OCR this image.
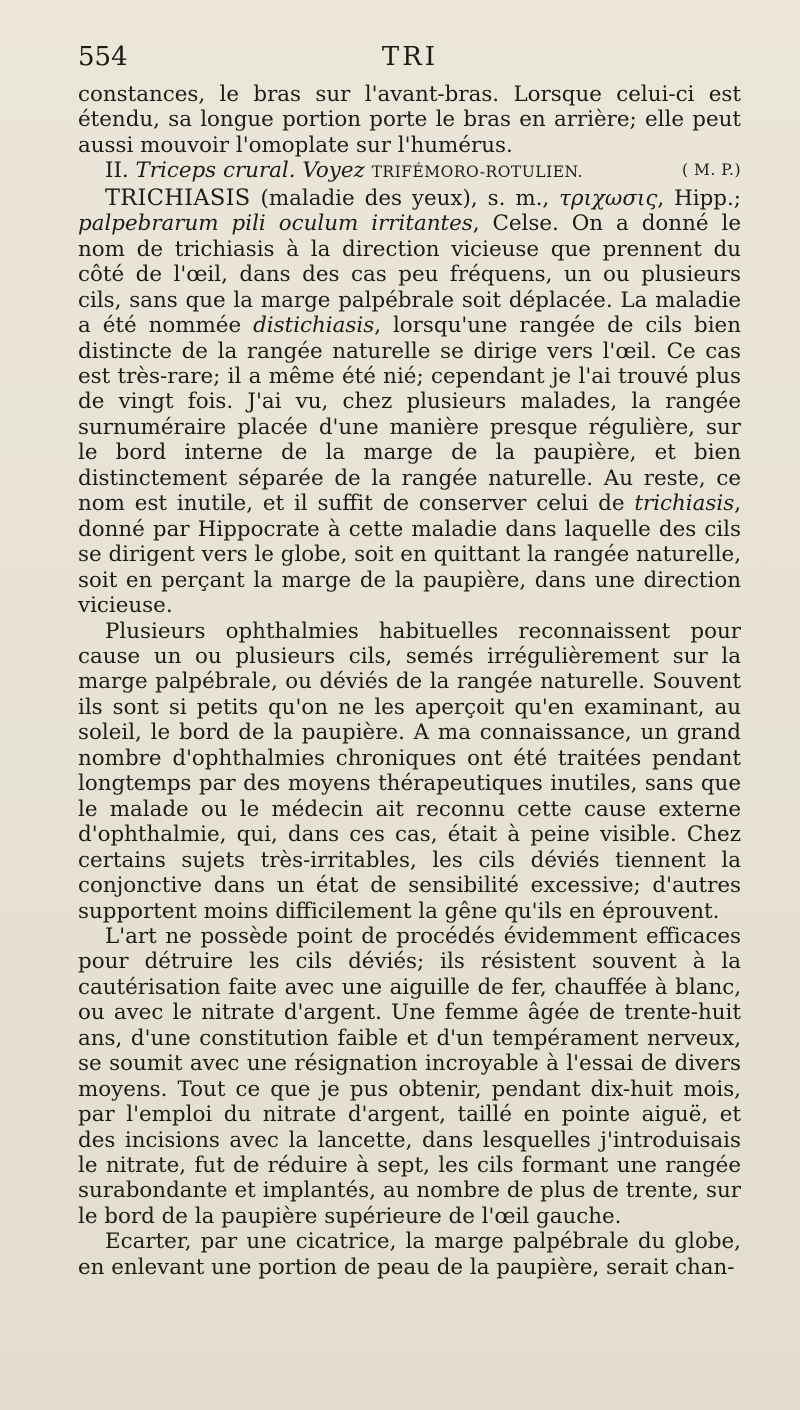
554	TRI

constances, le bras sur l'avant-bras. Lorsque celui-ci est étendu, sa longue portion porte le bras en arrière; elle peut aussi mouvoir l'omoplate sur l'humérus.

II. Triceps crural. Voyez TRIFÉMORO-ROTULIEN.	( M. P.)

TRICHIASIS (maladie des yeux), s. m., τριχωσις, Hipp.; palpebrarum pili oculum irritantes, Celse. On a donné le nom de trichiasis à la direction vicieuse que prennent du côté de l'œil, dans des cas peu fréquens, un ou plusieurs cils, sans que la marge palpébrale soit déplacée. La maladie a été nommée distichiasis, lorsqu'une rangée de cils bien distincte de la rangée naturelle se dirige vers l'œil. Ce cas est très-rare; il a même été nié; cependant je l'ai trouvé plus de vingt fois. J'ai vu, chez plusieurs malades, la rangée surnuméraire placée d'une manière presque régulière, sur le bord interne de la marge de la paupière, et bien distinctement séparée de la rangée naturelle. Au reste, ce nom est inutile, et il suffit de conserver celui de trichiasis, donné par Hippocrate à cette maladie dans laquelle des cils se dirigent vers le globe, soit en quittant la rangée naturelle, soit en perçant la marge de la paupière, dans une direction vicieuse.

Plusieurs ophthalmies habituelles reconnaissent pour cause un ou plusieurs cils, semés irrégulièrement sur la marge palpébrale, ou déviés de la rangée naturelle. Souvent ils sont si petits qu'on ne les aperçoit qu'en examinant, au soleil, le bord de la paupière. A ma connaissance, un grand nombre d'ophthalmies chroniques ont été traitées pendant longtemps par des moyens thérapeutiques inutiles, sans que le malade ou le médecin ait reconnu cette cause externe d'ophthalmie, qui, dans ces cas, était à peine visible. Chez certains sujets très-irritables, les cils déviés tiennent la conjonctive dans un état de sensibilité excessive; d'autres supportent moins difficilement la gêne qu'ils en éprouvent.

L'art ne possède point de procédés évidemment efficaces pour détruire les cils déviés; ils résistent souvent à la cautérisation faite avec une aiguille de fer, chauffée à blanc, ou avec le nitrate d'argent. Une femme âgée de trente-huit ans, d'une constitution faible et d'un tempérament nerveux, se soumit avec une résignation incroyable à l'essai de divers moyens. Tout ce que je pus obtenir, pendant dix-huit mois, par l'emploi du nitrate d'argent, taillé en pointe aiguë, et des incisions avec la lancette, dans lesquelles j'introduisais le nitrate, fut de réduire à sept, les cils formant une rangée surabondante et implantés, au nombre de plus de trente, sur le bord de la paupière supérieure de l'œil gauche.

Ecarter, par une cicatrice, la marge palpébrale du globe, en enlevant une portion de peau de la paupière, serait chan-
